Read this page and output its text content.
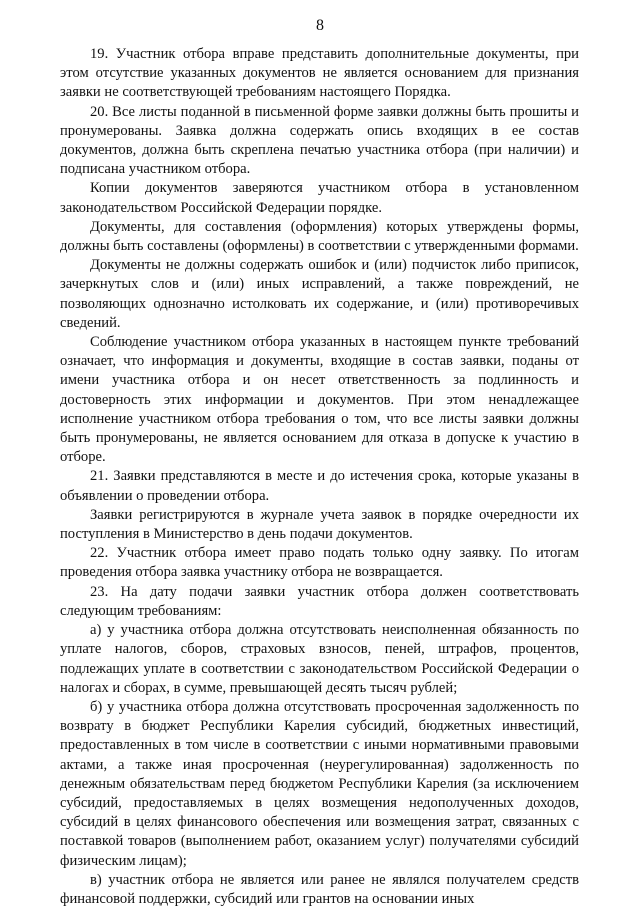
8

19. Участник отбора вправе представить дополнительные документы, при этом отсутствие указанных документов не является основанием для признания заявки не соответствующей требованиям настоящего Порядка.

20. Все листы поданной в письменной форме заявки должны быть прошиты и пронумерованы. Заявка должна содержать опись входящих в ее состав документов, должна быть скреплена печатью участника отбора (при наличии) и подписана участником отбора.

Копии документов заверяются участником отбора в установленном законодательством Российской Федерации порядке.

Документы, для составления (оформления) которых утверждены формы, должны быть составлены (оформлены) в соответствии с утвержденными формами.

Документы не должны содержать ошибок и (или) подчисток либо приписок, зачеркнутых слов и (или) иных исправлений, а также повреждений, не позволяющих однозначно истолковать их содержание, и (или) противоречивых сведений.

Соблюдение участником отбора указанных в настоящем пункте требований означает, что информация и документы, входящие в состав заявки, поданы от имени участника отбора и он несет ответственность за подлинность и достоверность этих информации и документов. При этом ненадлежащее исполнение участником отбора требования о том, что все листы заявки должны быть пронумерованы, не является основанием для отказа в допуске к участию в отборе.

21. Заявки представляются в месте и до истечения срока, которые указаны в объявлении о проведении отбора.

Заявки регистрируются в журнале учета заявок в порядке очередности их поступления в Министерство в день подачи документов.

22. Участник отбора имеет право подать только одну заявку. По итогам проведения отбора заявка участнику отбора не возвращается.

23. На дату подачи заявки участник отбора должен соответствовать следующим требованиям:

а) у участника отбора должна отсутствовать неисполненная обязанность по уплате налогов, сборов, страховых взносов, пеней, штрафов, процентов, подлежащих уплате в соответствии с законодательством Российской Федерации о налогах и сборах, в сумме, превышающей десять тысяч рублей;

б) у участника отбора должна отсутствовать просроченная задолженность по возврату в бюджет Республики Карелия субсидий, бюджетных инвестиций, предоставленных в том числе в соответствии с иными нормативными правовыми актами, а также иная просроченная (неурегулированная) задолженность по денежным обязательствам перед бюджетом Республики Карелия (за исключением субсидий, предоставляемых в целях возмещения недополученных доходов, субсидий в целях финансового обеспечения или возмещения затрат, связанных с поставкой товаров (выполнением работ, оказанием услуг) получателями субсидий физическим лицам);

в) участник отбора не является или ранее не являлся получателем средств финансовой поддержки, субсидий или грантов на основании иных
